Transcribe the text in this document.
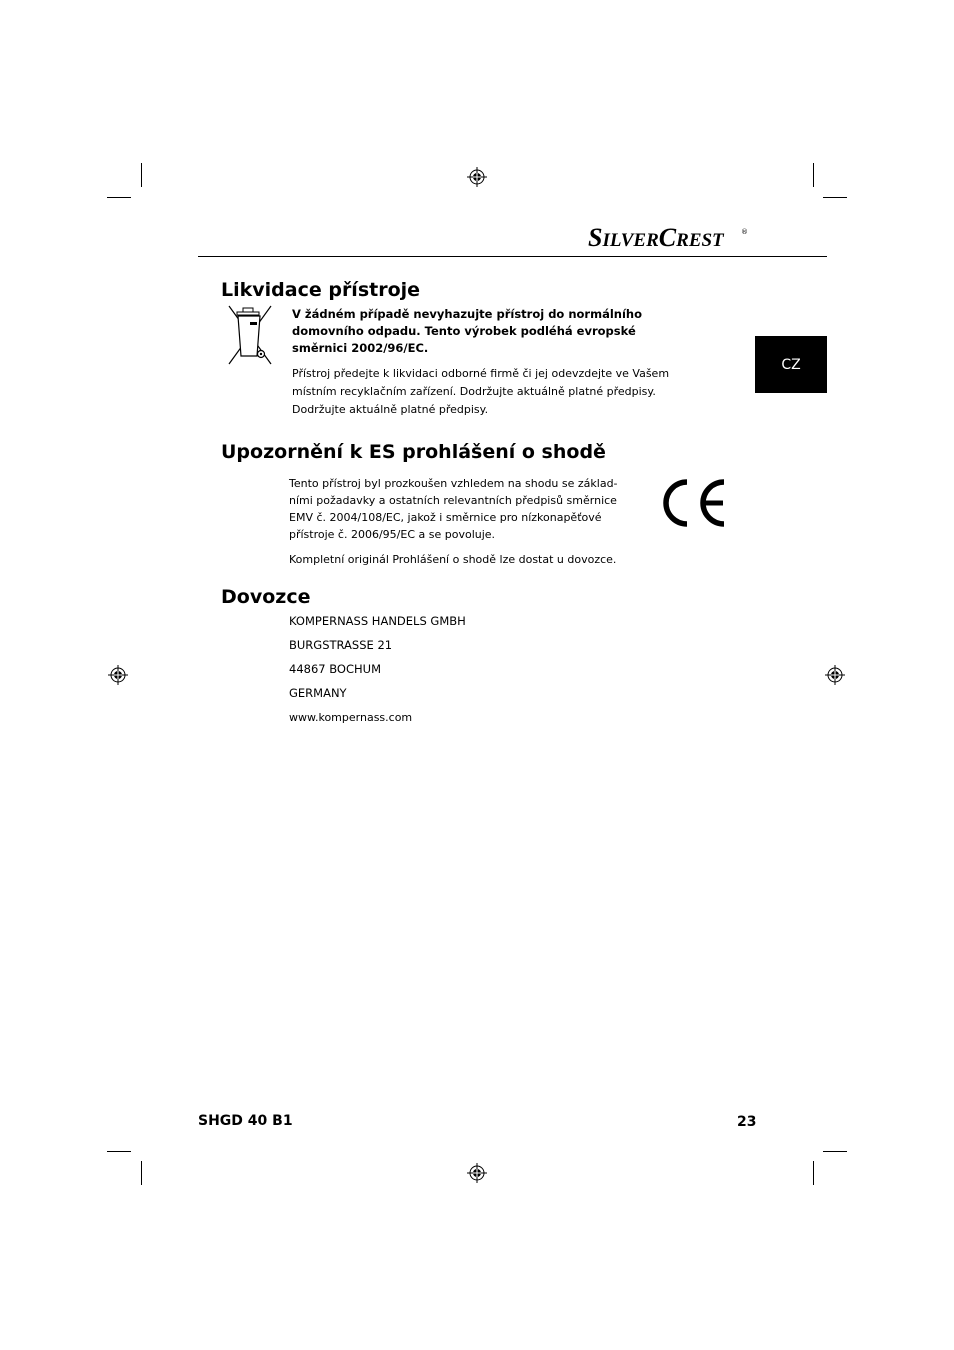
SILVERCREST ®
CZ
Likvidace přístroje
V žádném případě nevyhazujte přístroj do normálního
domovního odpadu. Tento výrobek podléhá evropské
směrnici 2002/96/EC.
Přístroj předejte k likvidaci odborné firmě či jej odevzdejte ve Vašem
místním recyklačním zařízení. Dodržujte aktuálně platné předpisy.
Dodržujte aktuálně platné předpisy.
Upozornění k ES prohlášení o shodě
Tento přístroj byl prozkoušen vzhledem na shodu se základ-
ními požadavky a ostatních relevantních předpisů směrnice
EMV č. 2004/108/EC, jakož i směrnice pro nízkonapěťové
přístroje č. 2006/95/EC a se povoluje.
Kompletní originál Prohlášení o shodě lze dostat u dovozce.
Dovozce
KOMPERNASS HANDELS GMBH
BURGSTRASSE 21
44867 BOCHUM
GERMANY
www.kompernass.com
SHGD 40 B1	23
